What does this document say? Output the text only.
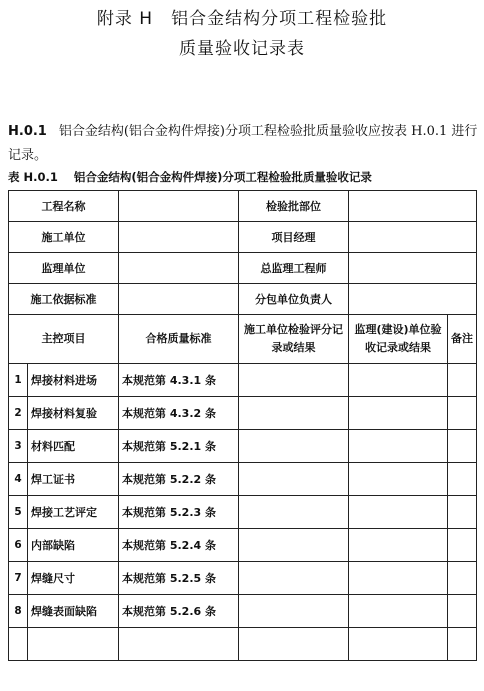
附录 H　铝合金结构分项工程检验批
质量验收记录表
H.0.1 铝合金结构(铝合金构件焊接)分项工程检验批质量验收应按表 H.0.1 进行记录。
表 H.0.1 铝合金结构(铝合金构件焊接)分项工程检验批质量验收记录
工程名称			检验批部位		
施工单位			项目经理		
监理单位			总监理工程师		
施工依据标准			分包单位负责人		
主控项目		合格质量标准	施工单位检验评分记录或结果	监理(建设)单位验收记录或结果	备注
1	焊接材料进场	本规范第 4.3.1 条			
2	焊接材料复验	本规范第 4.3.2 条			
3	材料匹配	本规范第 5.2.1 条			
4	焊工证书	本规范第 5.2.2 条			
5	焊接工艺评定	本规范第 5.2.3 条			
6	内部缺陷	本规范第 5.2.4 条			
7	焊缝尺寸	本规范第 5.2.5 条			
8	焊缝表面缺陷	本规范第 5.2.6 条			
